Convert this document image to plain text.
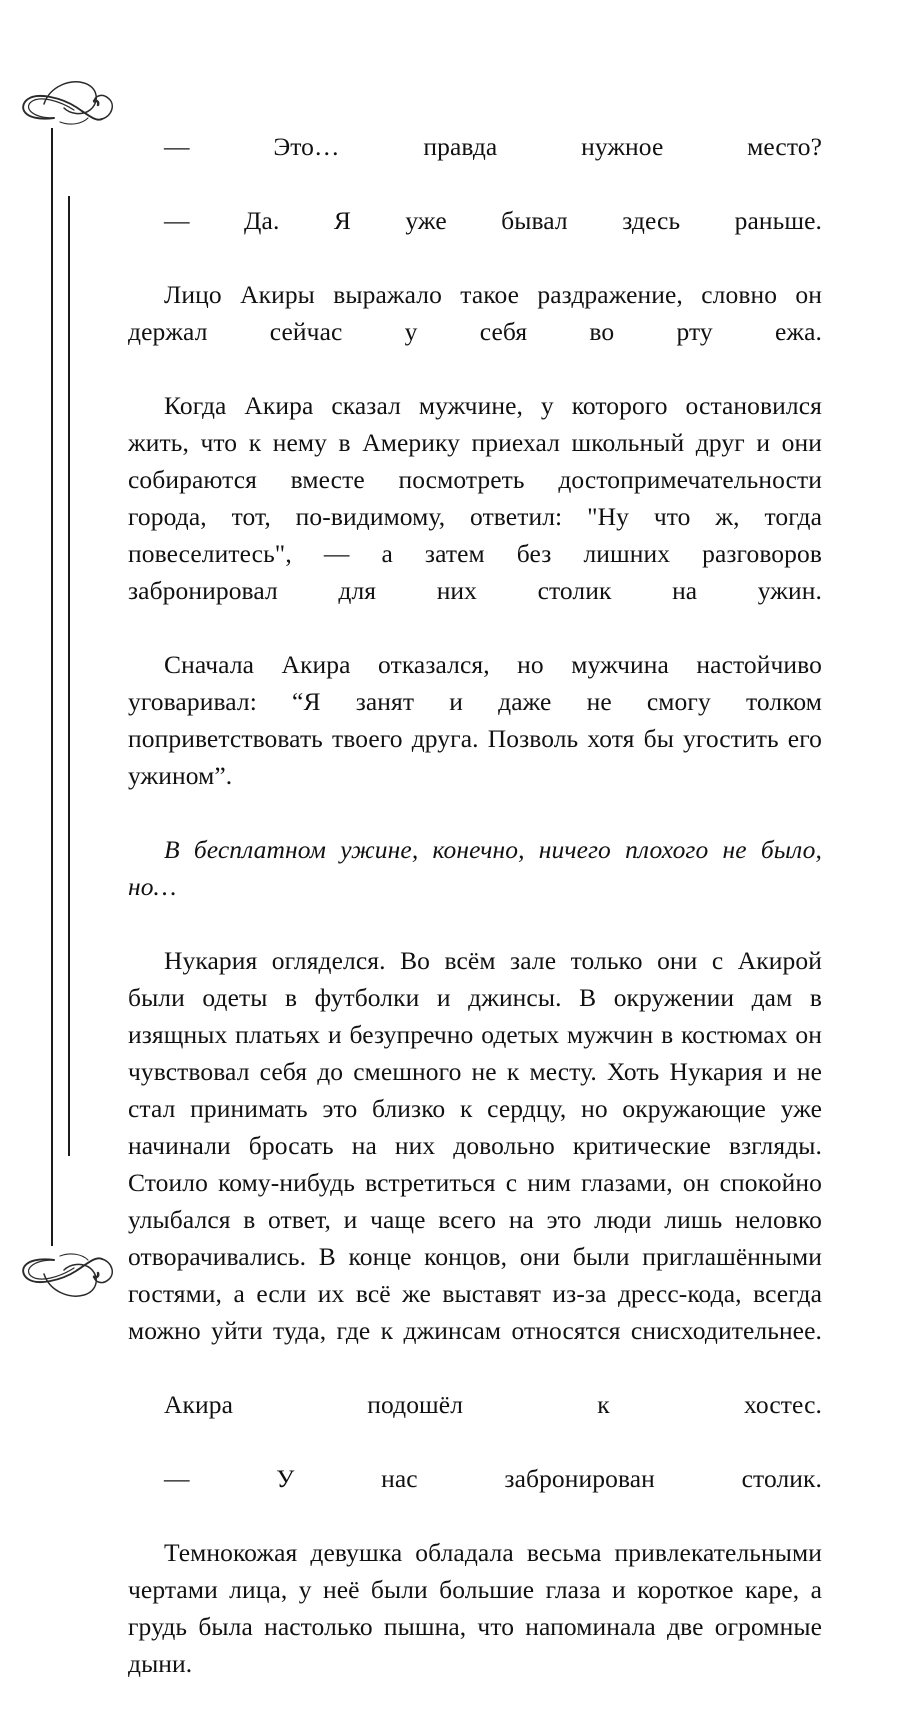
— Это… правда нужное место?

— Да. Я уже бывал здесь раньше.

Лицо Акиры выражало такое раздражение, словно он держал сейчас у себя во рту ежа.

Когда Акира сказал мужчине, у которого остановился жить, что к нему в Америку приехал школьный друг и они собираются вместе посмотреть достопримечательности города, тот, по-видимому, ответил: "Ну что ж, тогда повеселитесь", — а затем без лишних разговоров забронировал для них столик на ужин.

Сначала Акира отказался, но мужчина настойчиво уговаривал: “Я занят и даже не смогу толком поприветствовать твоего друга. Позволь хотя бы угостить его ужином”.

В бесплатном ужине, конечно, ничего плохого не было, но…

Нукария огляделся. Во всём зале только они с Акирой были одеты в футболки и джинсы. В окружении дам в изящных платьях и безупречно одетых мужчин в костюмах он чувствовал себя до смешного не к месту. Хоть Нукария и не стал принимать это близко к сердцу, но окружающие уже начинали бросать на них довольно критические взгляды. Стоило кому-нибудь встретиться с ним глазами, он спокойно улыбался в ответ, и чаще всего на это люди лишь неловко отворачивались. В конце концов, они были приглашёнными гостями, а если их всё же выставят из-за дресс-кода, всегда можно уйти туда, где к джинсам относятся снисходительнее.

Акира подошёл к хостес.

— У нас забронирован столик.

Темнокожая девушка обладала весьма привлекательными чертами лица, у неё были большие глаза и короткое каре, а грудь была настолько пышна, что напоминала две огромные дыни.
